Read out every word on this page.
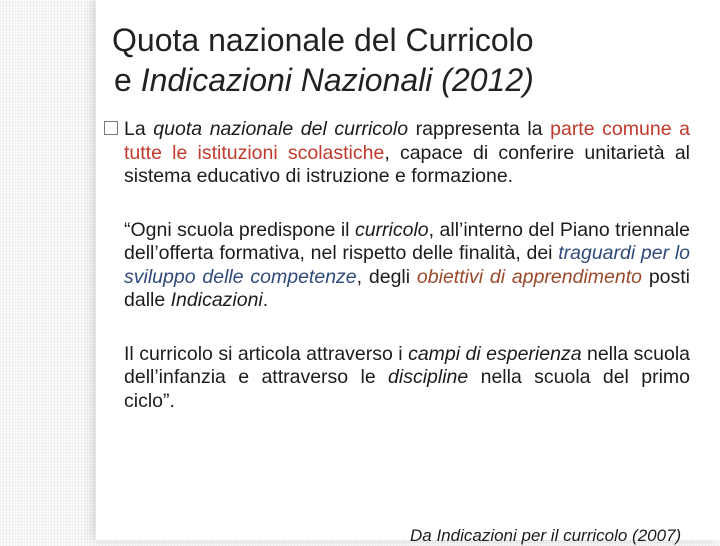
Quota nazionale del Curricolo
e Indicazioni Nazionali (2012)

La quota nazionale del curricolo rappresenta la parte comune a tutte le istituzioni scolastiche, capace di conferire unitarietà al sistema educativo di istruzione e formazione.

“Ogni scuola predispone il curricolo, all’interno del Piano triennale dell’offerta formativa, nel rispetto delle finalità, dei traguardi per lo sviluppo delle competenze, degli obiettivi di apprendimento posti dalle Indicazioni.

Il curricolo si articola attraverso i campi di esperienza nella scuola dell’infanzia e attraverso le discipline nella scuola del primo ciclo”.

Da Indicazioni per il curricolo (2007)
